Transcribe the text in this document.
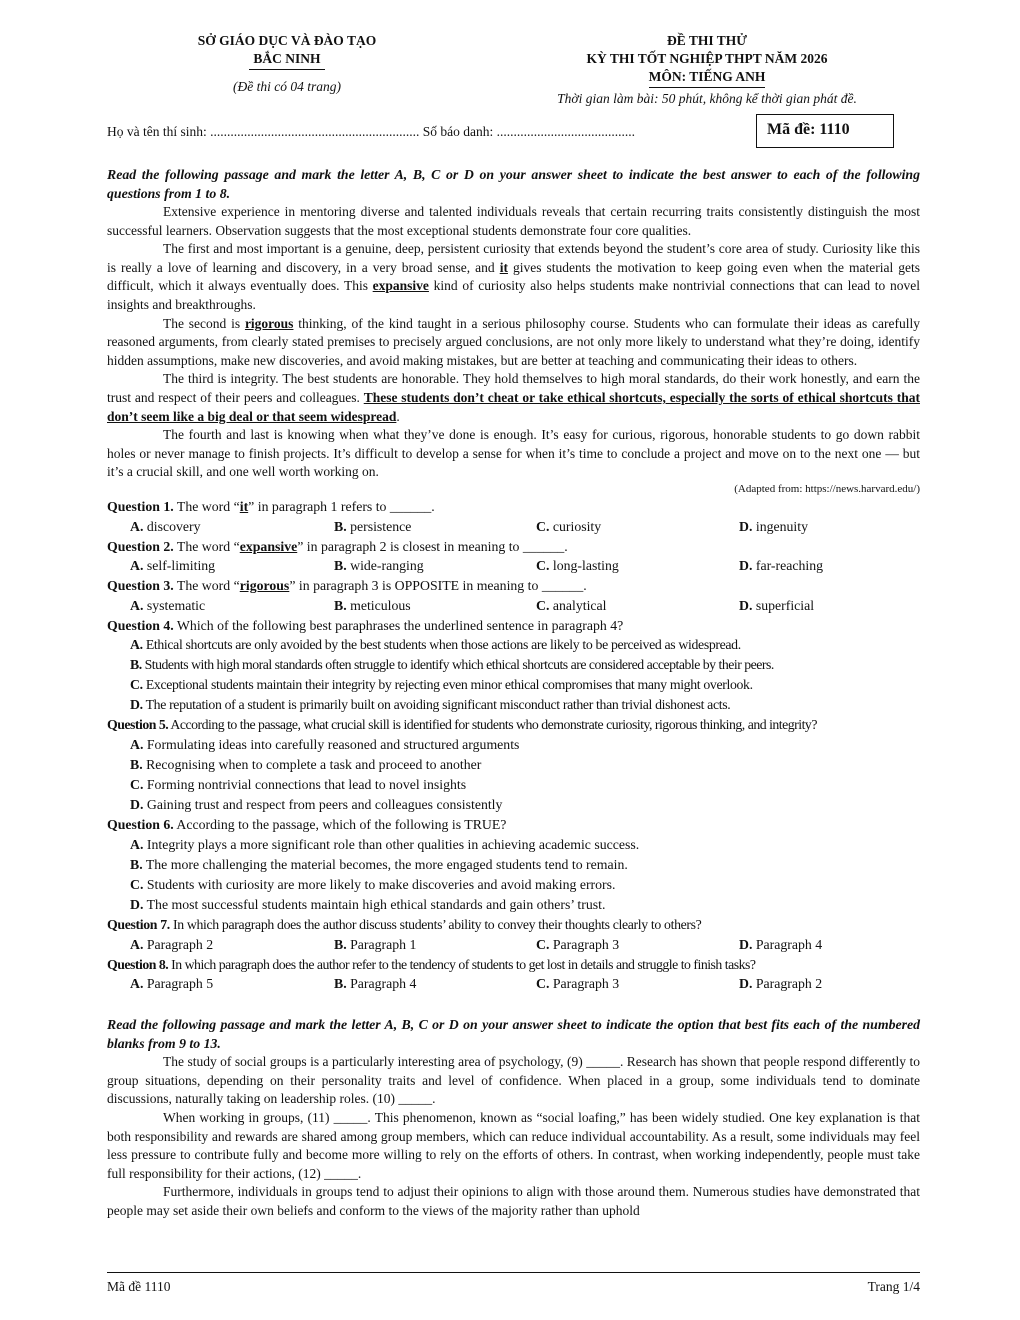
SỞ GIÁO DỤC VÀ ĐÀO TẠO
BẮC NINH
(Đề thi có 04 trang)
ĐỀ THI THỬ
KỲ THI TỐT NGHIỆP THPT NĂM 2026
MÔN: TIẾNG ANH
Thời gian làm bài: 50 phút, không kể thời gian phát đề.
Họ và tên thí sinh: .............................................................. Số báo danh: .........................................	Mã đề: 1110
Read the following passage and mark the letter A, B, C or D on your answer sheet to indicate the best answer to each of the following questions from 1 to 8.

Extensive experience in mentoring diverse and talented individuals reveals that certain recurring traits consistently distinguish the most successful learners. Observation suggests that the most exceptional students demonstrate four core qualities.

The first and most important is a genuine, deep, persistent curiosity that extends beyond the student’s core area of study. Curiosity like this is really a love of learning and discovery, in a very broad sense, and it gives students the motivation to keep going even when the material gets difficult, which it always eventually does. This expansive kind of curiosity also helps students make nontrivial connections that can lead to novel insights and breakthroughs.

The second is rigorous thinking, of the kind taught in a serious philosophy course. Students who can formulate their ideas as carefully reasoned arguments, from clearly stated premises to precisely argued conclusions, are not only more likely to understand what they’re doing, identify hidden assumptions, make new discoveries, and avoid making mistakes, but are better at teaching and communicating their ideas to others.

The third is integrity. The best students are honorable. They hold themselves to high moral standards, do their work honestly, and earn the trust and respect of their peers and colleagues. These students don’t cheat or take ethical shortcuts, especially the sorts of ethical shortcuts that don’t seem like a big deal or that seem widespread.

The fourth and last is knowing when what they’ve done is enough. It’s easy for curious, rigorous, honorable students to go down rabbit holes or never manage to finish projects. It’s difficult to develop a sense for when it’s time to conclude a project and move on to the next one — but it’s a crucial skill, and one well worth working on.

(Adapted from: https://news.harvard.edu/)
Question 1. The word “it” in paragraph 1 refers to ______.
A. discovery	B. persistence	C. curiosity	D. ingenuity
Question 2. The word “expansive” in paragraph 2 is closest in meaning to ______.
A. self-limiting	B. wide-ranging	C. long-lasting	D. far-reaching
Question 3. The word “rigorous” in paragraph 3 is OPPOSITE in meaning to ______.
A. systematic	B. meticulous	C. analytical	D. superficial
Question 4. Which of the following best paraphrases the underlined sentence in paragraph 4?
A. Ethical shortcuts are only avoided by the best students when those actions are likely to be perceived as widespread.
B. Students with high moral standards often struggle to identify which ethical shortcuts are considered acceptable by their peers.
C. Exceptional students maintain their integrity by rejecting even minor ethical compromises that many might overlook.
D. The reputation of a student is primarily built on avoiding significant misconduct rather than trivial dishonest acts.
Question 5. According to the passage, what crucial skill is identified for students who demonstrate curiosity, rigorous thinking, and integrity?
A. Formulating ideas into carefully reasoned and structured arguments
B. Recognising when to complete a task and proceed to another
C. Forming nontrivial connections that lead to novel insights
D. Gaining trust and respect from peers and colleagues consistently
Question 6. According to the passage, which of the following is TRUE?
A. Integrity plays a more significant role than other qualities in achieving academic success.
B. The more challenging the material becomes, the more engaged students tend to remain.
C. Students with curiosity are more likely to make discoveries and avoid making errors.
D. The most successful students maintain high ethical standards and gain others’ trust.
Question 7. In which paragraph does the author discuss students’ ability to convey their thoughts clearly to others?
A. Paragraph 2	B. Paragraph 1	C. Paragraph 3	D. Paragraph 4
Question 8. In which paragraph does the author refer to the tendency of students to get lost in details and struggle to finish tasks?
A. Paragraph 5	B. Paragraph 4	C. Paragraph 3	D. Paragraph 2
Read the following passage and mark the letter A, B, C or D on your answer sheet to indicate the option that best fits each of the numbered blanks from 9 to 13.

The study of social groups is a particularly interesting area of psychology, (9) _____. Research has shown that people respond differently to group situations, depending on their personality traits and level of confidence. When placed in a group, some individuals tend to dominate discussions, naturally taking on leadership roles. (10) _____.

When working in groups, (11) _____. This phenomenon, known as “social loafing,” has been widely studied. One key explanation is that both responsibility and rewards are shared among group members, which can reduce individual accountability. As a result, some individuals may feel less pressure to contribute fully and become more willing to rely on the efforts of others. In contrast, when working independently, people must take full responsibility for their actions, (12) _____.

Furthermore, individuals in groups tend to adjust their opinions to align with those around them. Numerous studies have demonstrated that people may set aside their own beliefs and conform to the views of the majority rather than uphold

Mã đề 1110	Trang 1/4
